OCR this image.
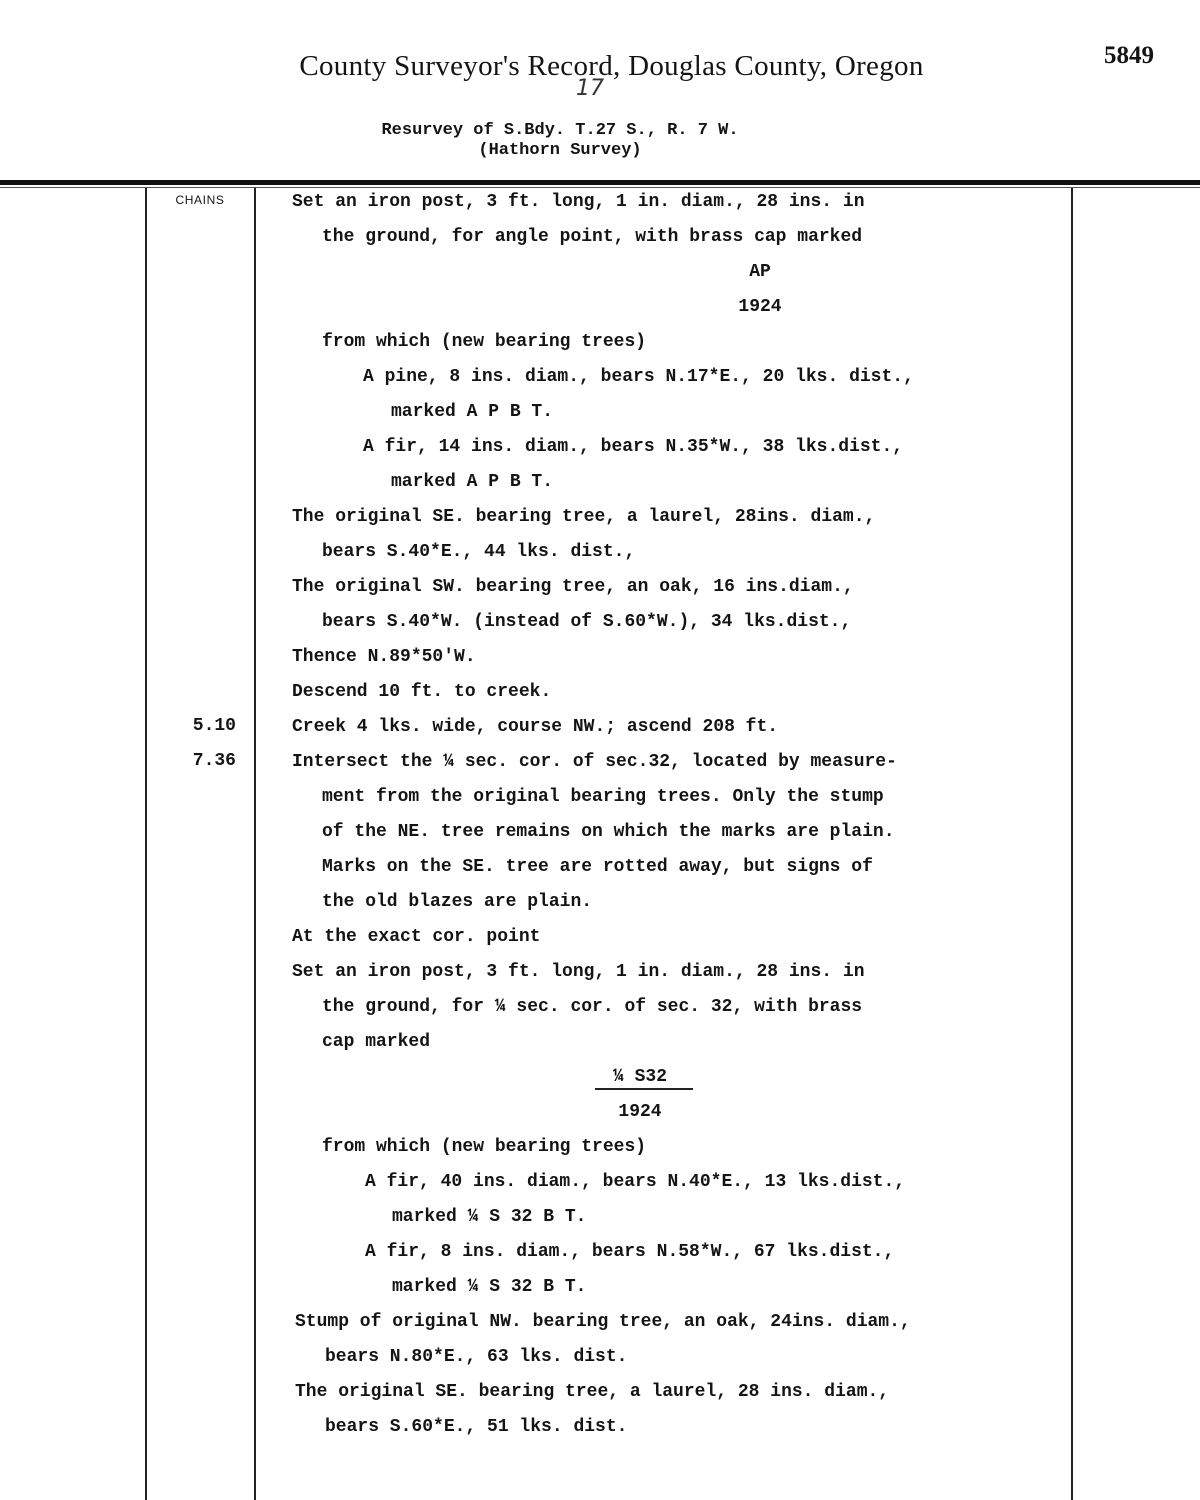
County Surveyor's Record, Douglas County, Oregon	5849
17
Resurvey of S.Bdy. T.27 S., R. 7 W.
(Hathorn Survey)
CHAINS
5.10
7.36
Set an iron post, 3 ft. long, 1 in. diam., 28 ins. in
the ground, for angle point, with brass cap marked
AP
1924
from which (new bearing trees)
A pine, 8 ins. diam., bears N.17*E., 20 lks. dist.,
marked A P B T.
A fir, 14 ins. diam., bears N.35*W., 38 lks.dist.,
marked A P B T.
The original SE. bearing tree, a laurel, 28ins. diam.,
bears S.40*E., 44 lks. dist.,
The original SW. bearing tree, an oak, 16 ins.diam.,
bears S.40*W. (instead of S.60*W.), 34 lks.dist.,
Thence N.89*50'W.
Descend 10 ft. to creek.
Creek 4 lks. wide, course NW.; ascend 208 ft.
Intersect the ¼ sec. cor. of sec.32, located by measure-
ment from the original bearing trees. Only the stump
of the NE. tree remains on which the marks are plain.
Marks on the SE. tree are rotted away, but signs of
the old blazes are plain.
At the exact cor. point
Set an iron post, 3 ft. long, 1 in. diam., 28 ins. in
the ground, for ¼ sec. cor. of sec. 32, with brass
cap marked
¼ S32
1924
from which (new bearing trees)
A fir, 40 ins. diam., bears N.40*E., 13 lks.dist.,
marked ¼ S 32 B T.
A fir, 8 ins. diam., bears N.58*W., 67 lks.dist.,
marked ¼ S 32 B T.
Stump of original NW. bearing tree, an oak, 24ins. diam.,
bears N.80*E., 63 lks. dist.
The original SE. bearing tree, a laurel, 28 ins. diam.,
bears S.60*E., 51 lks. dist.
